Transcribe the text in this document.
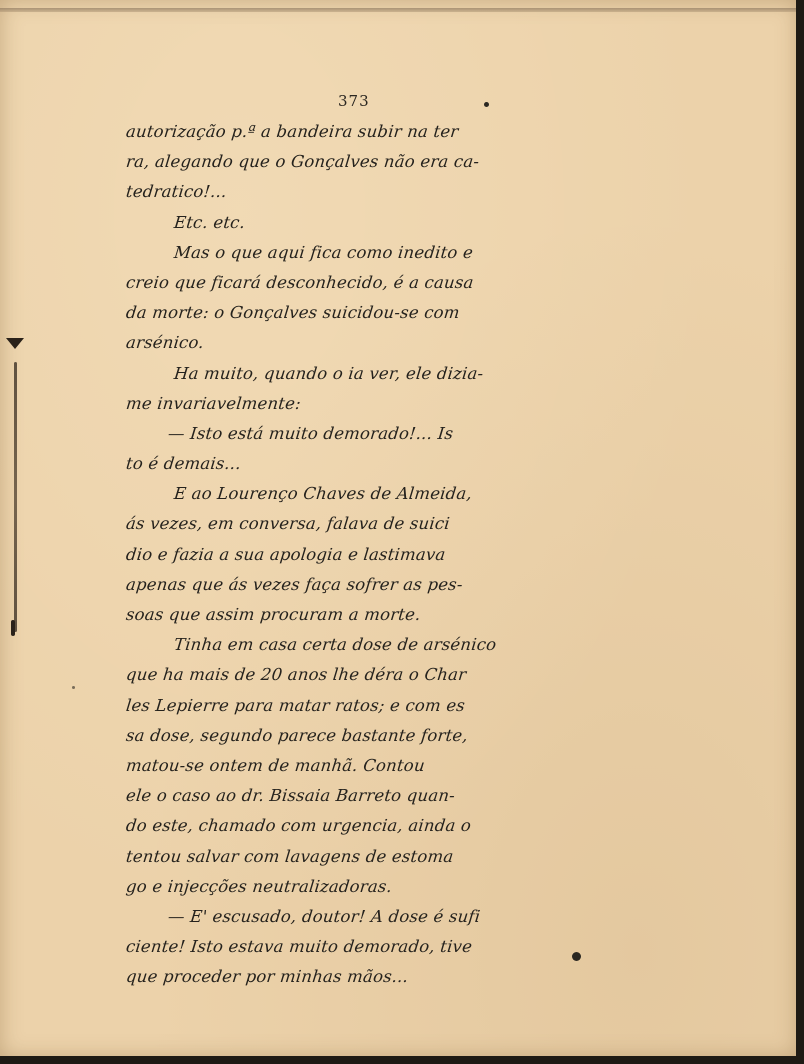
373
autorização p.ª a bandeira subir na ter
ra, alegando que o Gonçalves não era ca-
tedratico!...
Etc. etc.
Mas o que aqui fica como inedito e
creio que ficará desconhecido, é a causa
da morte: o Gonçalves suicidou-se com
arsénico.
Ha muito, quando o ia ver, ele dizia-
me invariavelmente:
— Isto está muito demorado!... Is
to é demais...
E ao Lourenço Chaves de Almeida,
ás vezes, em conversa, falava de suici
dio e fazia a sua apologia e lastimava
apenas que ás vezes faça sofrer as pes-
soas que assim procuram a morte.
Tinha em casa certa dose de arsénico
que ha mais de 20 anos lhe déra o Char
les Lepierre para matar ratos; e com es
sa dose, segundo parece bastante forte,
matou-se ontem de manhã. Contou
ele o caso ao dr. Bissaia Barreto quan-
do este, chamado com urgencia, ainda o
tentou salvar com lavagens de estoma
go e injecções neutralizadoras.
— E' escusado, doutor! A dose é sufi
ciente! Isto estava muito demorado, tive
que proceder por minhas mãos...
